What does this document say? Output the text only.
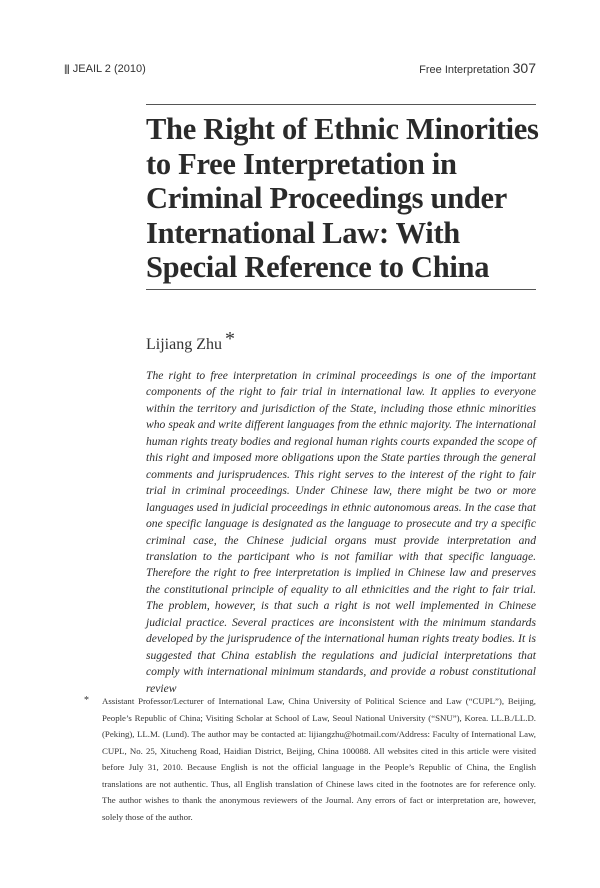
||| JEAIL 2 (2010)	Free Interpretation 307
The Right of Ethnic Minorities to Free Interpretation in Criminal Proceedings under International Law: With Special Reference to China
Lijiang Zhu *

The right to free interpretation in criminal proceedings is one of the important components of the right to fair trial in international law. It applies to everyone within the territory and jurisdiction of the State, including those ethnic minorities who speak and write different languages from the ethnic majority. The international human rights treaty bodies and regional human rights courts expanded the scope of this right and imposed more obligations upon the State parties through the general comments and jurisprudences. This right serves to the interest of the right to fair trial in criminal proceedings. Under Chinese law, there might be two or more languages used in judicial proceedings in ethnic autonomous areas. In the case that one specific language is designated as the language to prosecute and try a specific criminal case, the Chinese judicial organs must provide interpretation and translation to the participant who is not familiar with that specific language. Therefore the right to free interpretation is implied in Chinese law and preserves the constitutional principle of equality to all ethnicities and the right to fair trial. The problem, however, is that such a right is not well implemented in Chinese judicial practice. Several practices are inconsistent with the minimum standards developed by the jurisprudence of the international human rights treaty bodies. It is suggested that China establish the regulations and judicial interpretations that comply with international minimum standards, and provide a robust constitutional review

* Assistant Professor/Lecturer of International Law, China University of Political Science and Law (“CUPL”), Beijing, People’s Republic of China; Visiting Scholar at School of Law, Seoul National University (“SNU”), Korea. LL.B./LL.D. (Peking), LL.M. (Lund). The author may be contacted at: lijiangzhu@hotmail.com/Address: Faculty of International Law, CUPL, No. 25, Xitucheng Road, Haidian District, Beijing, China 100088. All websites cited in this article were visited before July 31, 2010. Because English is not the official language in the People’s Republic of China, the English translations are not authentic. Thus, all English translation of Chinese laws cited in the footnotes are for reference only. The author wishes to thank the anonymous reviewers of the Journal. Any errors of fact or interpretation are, however, solely those of the author.
